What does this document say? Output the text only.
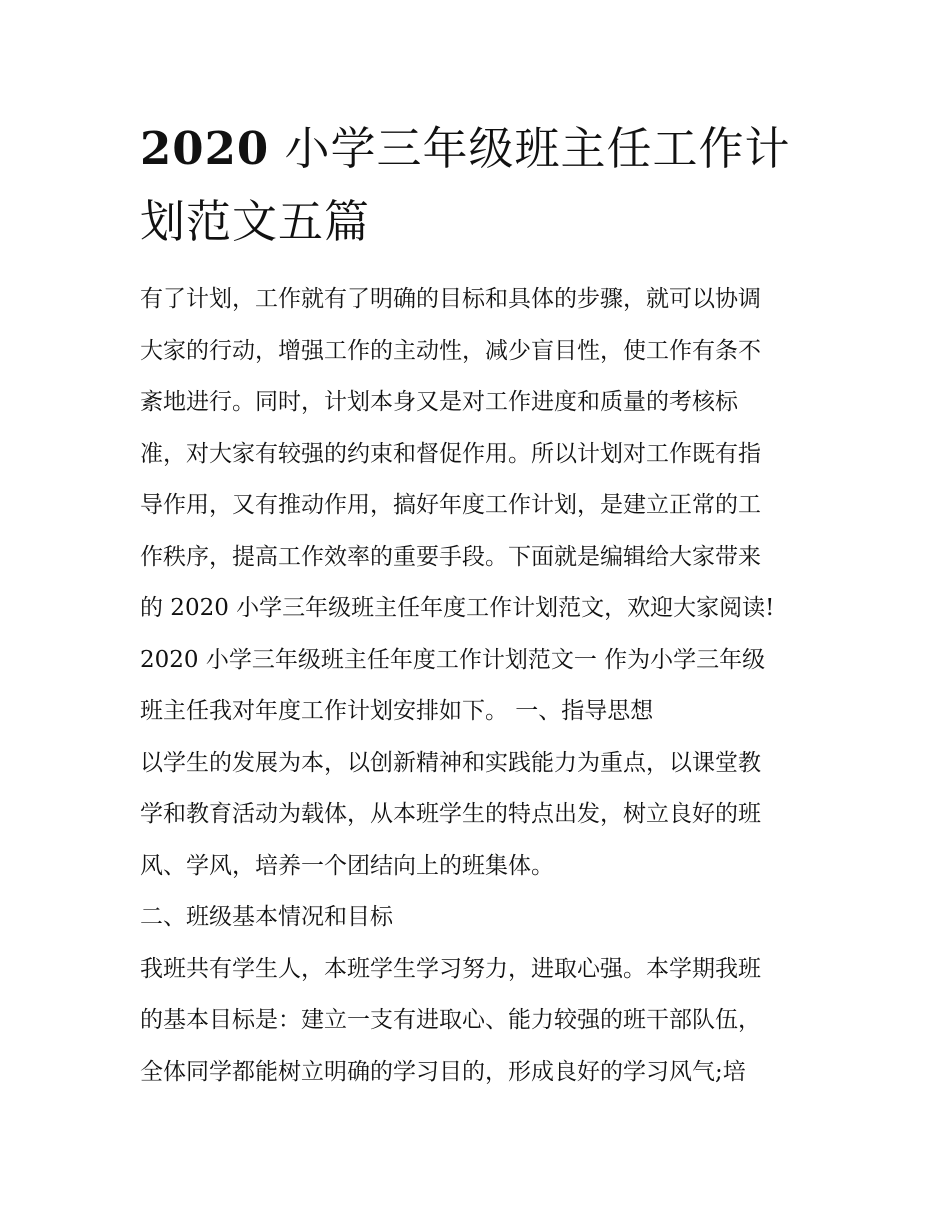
2020 小学三年级班主任工作计
划范文五篇

有了计划，工作就有了明确的目标和具体的步骤，就可以协调

大家的行动，增强工作的主动性，减少盲目性，使工作有条不

紊地进行。同时，计划本身又是对工作进度和质量的考核标

准，对大家有较强的约束和督促作用。所以计划对工作既有指

导作用，又有推动作用，搞好年度工作计划，是建立正常的工

作秩序，提高工作效率的重要手段。下面就是编辑给大家带来

的 2020 小学三年级班主任年度工作计划范文，欢迎大家阅读!

2020 小学三年级班主任年度工作计划范文一 作为小学三年级

班主任我对年度工作计划安排如下。 一、指导思想

以学生的发展为本，以创新精神和实践能力为重点，以课堂教

学和教育活动为载体，从本班学生的特点出发，树立良好的班

风、学风，培养一个团结向上的班集体。

二、班级基本情况和目标

我班共有学生人，本班学生学习努力，进取心强。本学期我班

的基本目标是：建立一支有进取心、能力较强的班干部队伍，

全体同学都能树立明确的学习目的，形成良好的学习风气;培
